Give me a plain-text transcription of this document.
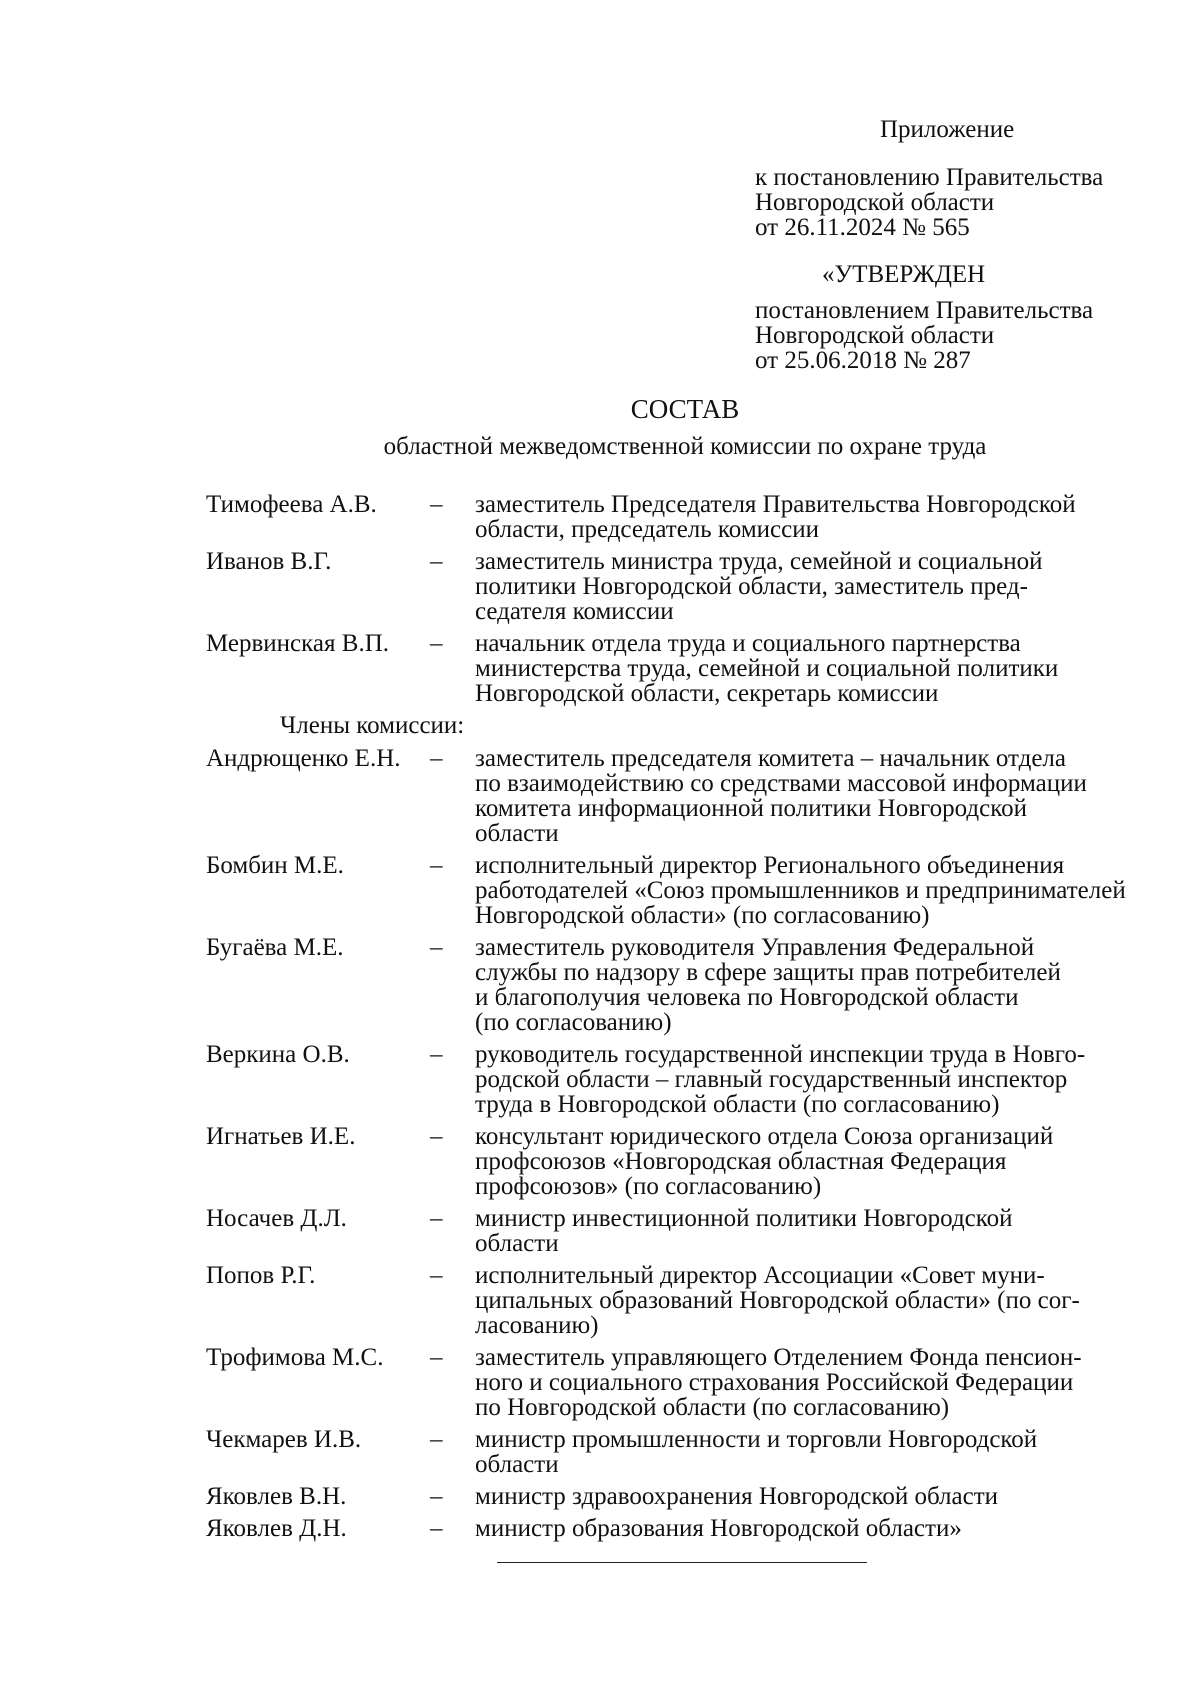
Приложение
к постановлению Правительства
Новгородской области
от 26.11.2024 № 565
«УТВЕРЖДЕН
постановлением Правительства
Новгородской области
от 25.06.2018 № 287
СОСТАВ
областной межведомственной комиссии по охране труда
Тимофеева А.В.	–	заместитель Председателя Правительства Новгородской
области, председатель комиссии
Иванов В.Г.	–	заместитель министра труда, семейной и социальной
политики Новгородской области, заместитель пред-
седателя комиссии
Мервинская В.П.	–	начальник отдела труда и социального партнерства
министерства труда, семейной и социальной политики
Новгородской области, секретарь комиссии
Члены комиссии:
Андрющенко Е.Н.	–	заместитель председателя комитета – начальник отдела
по взаимодействию со средствами массовой информации
комитета информационной политики Новгородской
области
Бомбин М.Е.	–	исполнительный директор Регионального объединения
работодателей «Союз промышленников и предпринимателей
Новгородской области» (по согласованию)
Бугаёва М.Е.	–	заместитель руководителя Управления Федеральной
службы по надзору в сфере защиты прав потребителей
и благополучия человека по Новгородской области
(по согласованию)
Веркина О.В.	–	руководитель государственной инспекции труда в Новго-
родской области – главный государственный инспектор
труда в Новгородской области (по согласованию)
Игнатьев И.Е.	–	консультант юридического отдела Союза организаций
профсоюзов «Новгородская областная Федерация
профсоюзов» (по согласованию)
Носачев Д.Л.	–	министр инвестиционной политики Новгородской
области
Попов Р.Г.	–	исполнительный директор Ассоциации «Совет муни-
ципальных образований Новгородской области» (по сог-
ласованию)
Трофимова М.С.	–	заместитель управляющего Отделением Фонда пенсион-
ного и социального страхования Российской Федерации
по Новгородской области (по согласованию)
Чекмарев И.В.	–	министр промышленности и торговли Новгородской
области
Яковлев В.Н.	–	министр здравоохранения Новгородской области
Яковлев Д.Н.	–	министр образования Новгородской области»
